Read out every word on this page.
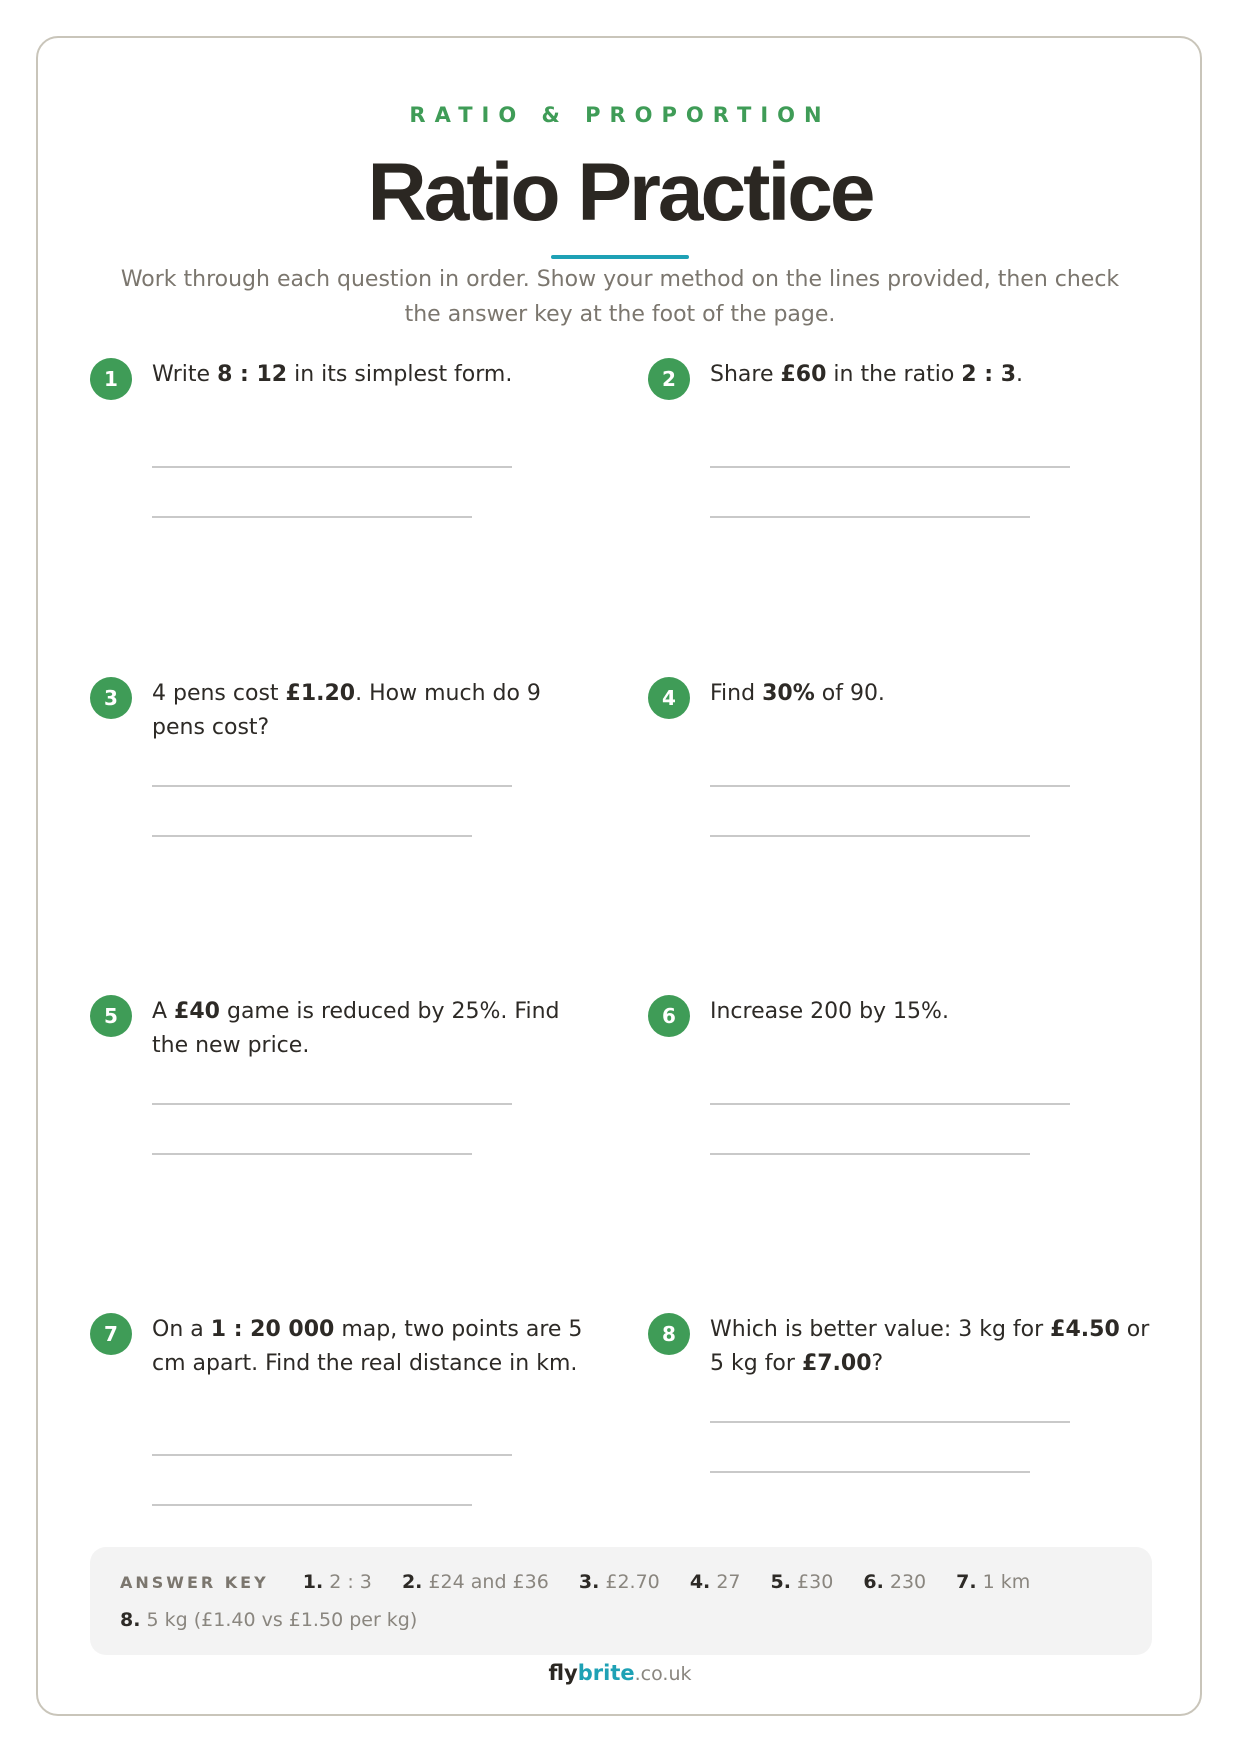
RATIO & PROPORTION
Ratio Practice
Work through each question in order. Show your method on the lines provided, then check the answer key at the foot of the page.
1	Write 8 : 12 in its simplest form.	2	Share £60 in the ratio 2 : 3.
3	4 pens cost £1.20. How much do 9 pens cost?
4	Find 30% of 90.
5	A £40 game is reduced by 25%. Find the new price.
6	Increase 200 by 15%.
7	On a 1 : 20 000 map, two points are 5 cm apart. Find the real distance in km.
8	Which is better value: 3 kg for £4.50 or 5 kg for £7.00?
ANSWER KEY 1. 2 : 3 2. £24 and £36 3. £2.70 4. 27 5. £30 6. 230 7. 1 km
8. 5 kg (£1.40 vs £1.50 per kg)
flybrite.co.uk
